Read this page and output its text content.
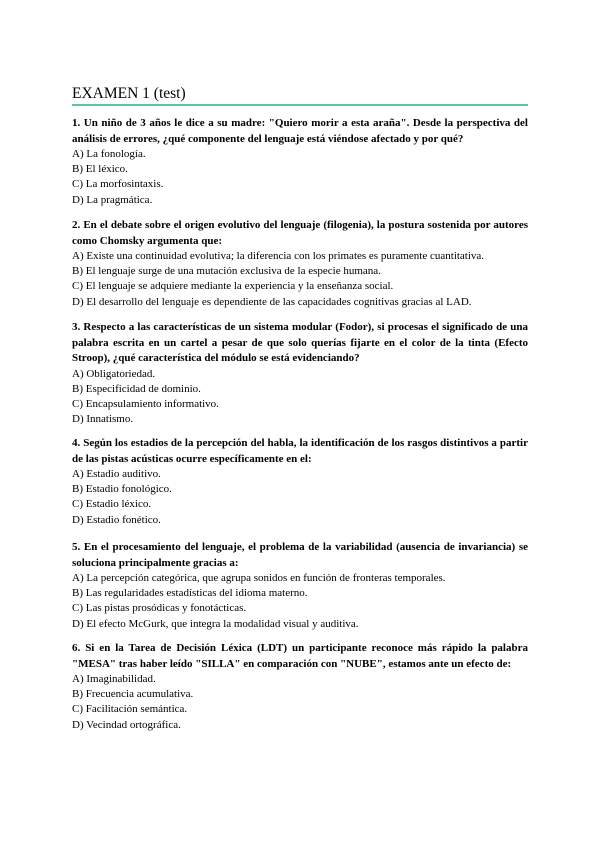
EXAMEN 1 (test)

1. Un niño de 3 años le dice a su madre: "Quiero morir a esta araña". Desde la perspectiva del análisis de errores, ¿qué componente del lenguaje está viéndose afectado y por qué?

A) La fonología.

B) El léxico.

C) La morfosintaxis.

D) La pragmática.

2. En el debate sobre el origen evolutivo del lenguaje (filogenia), la postura sostenida por autores como Chomsky argumenta que:

A) Existe una continuidad evolutiva; la diferencia con los primates es puramente cuantitativa.

B) El lenguaje surge de una mutación exclusiva de la especie humana.

C) El lenguaje se adquiere mediante la experiencia y la enseñanza social.

D) El desarrollo del lenguaje es dependiente de las capacidades cognitivas gracias al LAD.

3. Respecto a las características de un sistema modular (Fodor), si procesas el significado de una palabra escrita en un cartel a pesar de que solo querías fijarte en el color de la tinta (Efecto Stroop), ¿qué característica del módulo se está evidenciando?

A) Obligatoriedad.

B) Especificidad de dominio.

C) Encapsulamiento informativo.

D) Innatismo.

4. Según los estadios de la percepción del habla, la identificación de los rasgos distintivos a partir de las pistas acústicas ocurre específicamente en el:

A) Estadio auditivo.

B) Estadio fonológico.

C) Estadio léxico.

D) Estadio fonético.

5. En el procesamiento del lenguaje, el problema de la variabilidad (ausencia de invariancia) se soluciona principalmente gracias a:

A) La percepción categórica, que agrupa sonidos en función de fronteras temporales.

B) Las regularidades estadísticas del idioma materno.

C) Las pistas prosódicas y fonotácticas.

D) El efecto McGurk, que integra la modalidad visual y auditiva.

6. Si en la Tarea de Decisión Léxica (LDT) un participante reconoce más rápido la palabra "MESA" tras haber leído "SILLA" en comparación con "NUBE", estamos ante un efecto de:

A) Imaginabilidad.

B) Frecuencia acumulativa.

C) Facilitación semántica.

D) Vecindad ortográfica.
